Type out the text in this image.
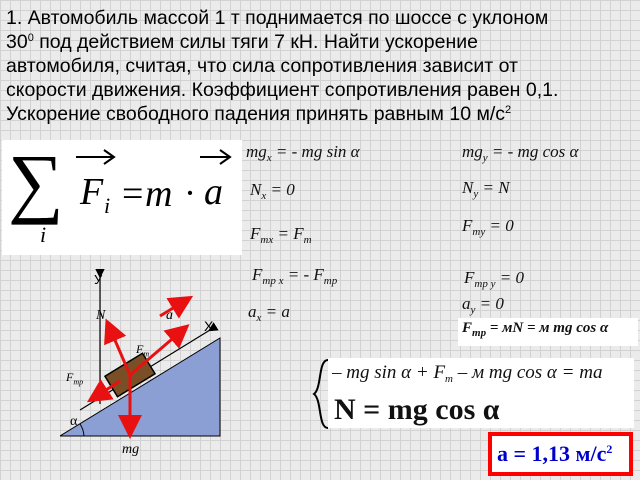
1. Автомобиль массой 1 т поднимается по шоссе с уклоном
$30^0$ под действием силы тяги 7 кН. Найти ускорение
автомобиля, считая, что сила сопротивления зависит от
скорости движения. Коэффициент сопротивления равен 0,1.
Ускорение свободного падения принять равным 10 $м/с^2$
∑
i
F i = m · a
$mg_x$ = - mg sin α
$N_x = 0$
$F_{тx} = F_т$
$F_{тр x}$ = - $F_{тр}$
$a_x = a$
$mg_y$ = - mg cos α
$N_y = N$
$F_{тy} = 0$
$F_{тр y} = 0$
$a_y = 0$
$F_{тр}$ = мN = м mg cos α
– mg $\sin \alpha + F_т - м$ mg cos α = ma
N = mg cos α
a = 1,13 $м/с^2$
У
Х
N	a
$F_т$
$F_{тр}$
α
mg
